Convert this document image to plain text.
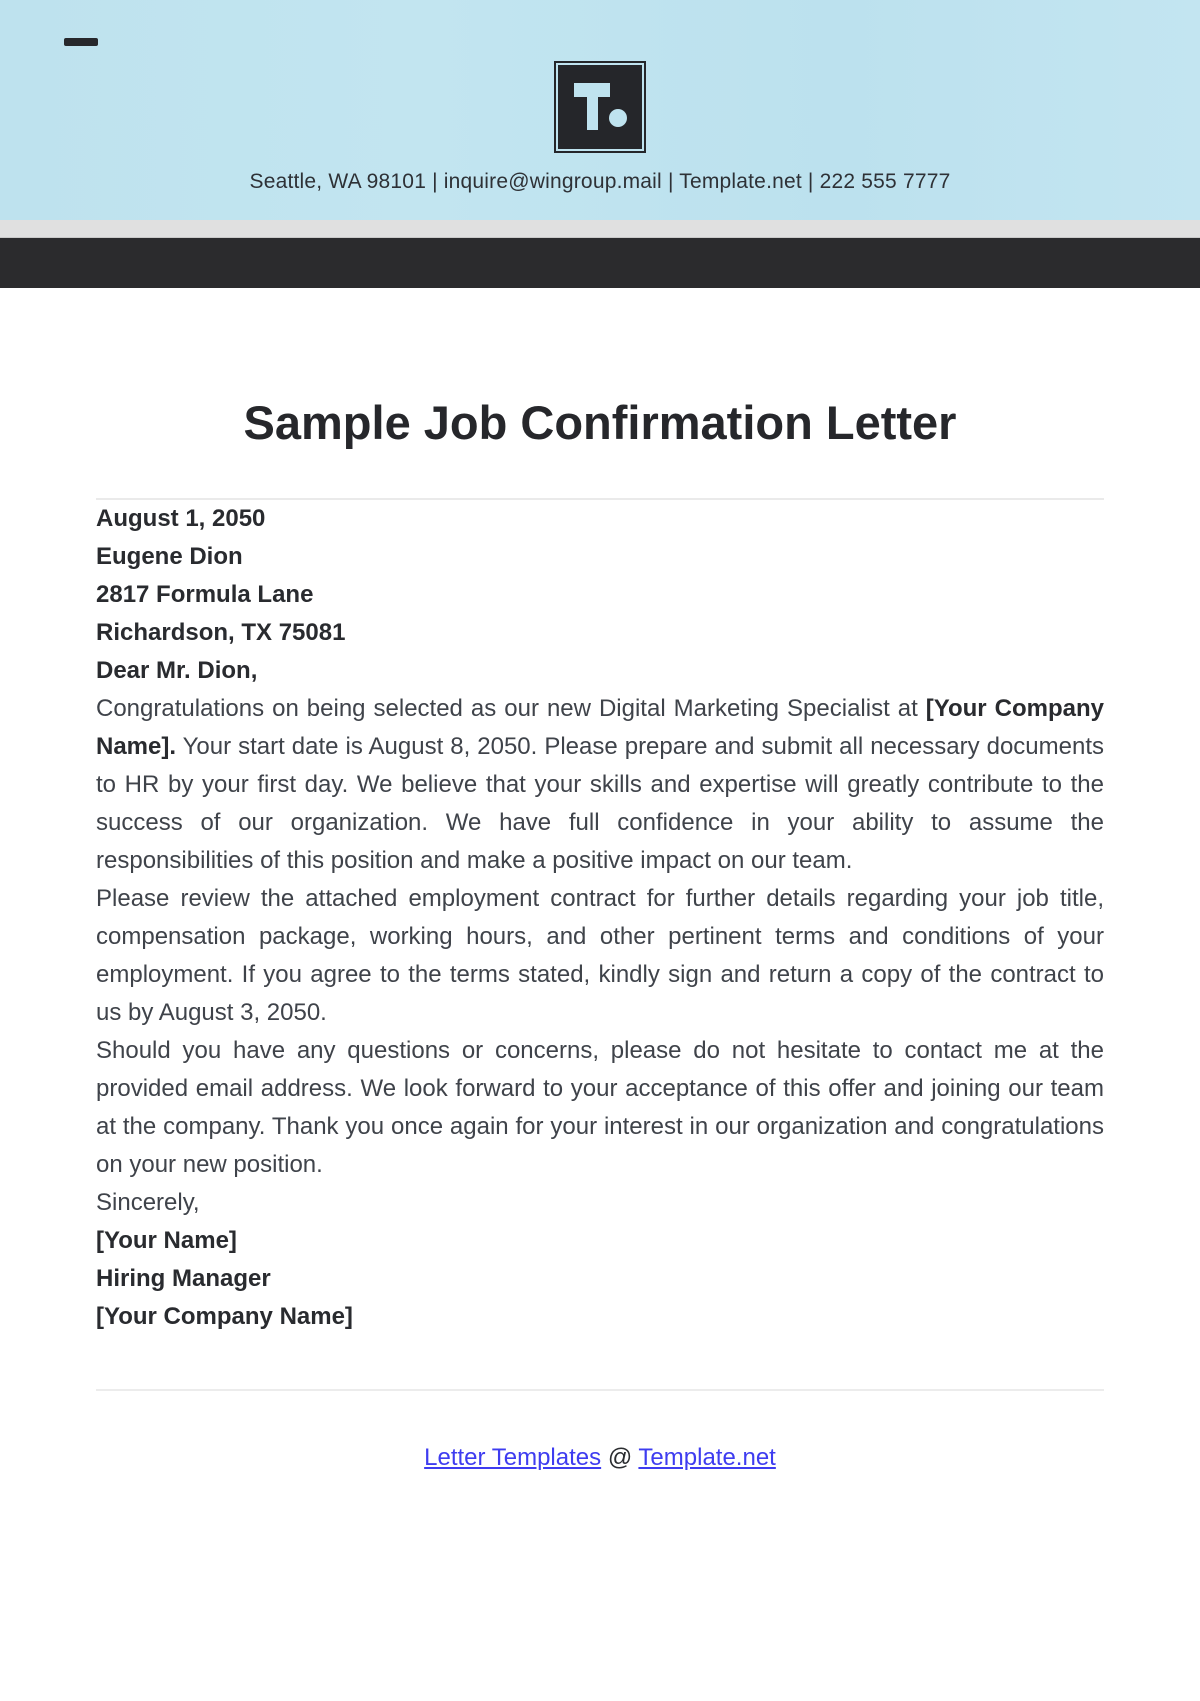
Seattle, WA 98101 | inquire@wingroup.mail | Template.net | 222 555 7777
Sample Job Confirmation Letter

August 1, 2050
Eugene Dion

2817 Formula Lane

Richardson, TX 75081

Dear Mr. Dion,

Congratulations on being selected as our new Digital Marketing Specialist at [Your Company Name]. Your start date is August 8, 2050. Please prepare and submit all necessary documents to HR by your first day. We believe that your skills and expertise will greatly contribute to the success of our organization. We have full confidence in your ability to assume the responsibilities of this position and make a positive impact on our team.

Please review the attached employment contract for further details regarding your job title, compensation package, working hours, and other pertinent terms and conditions of your employment. If you agree to the terms stated, kindly sign and return a copy of the contract to us by August 3, 2050.

Should you have any questions or concerns, please do not hesitate to contact me at the provided email address. We look forward to your acceptance of this offer and joining our team at the company. Thank you once again for your interest in our organization and congratulations on your new position.

Sincerely,

[Your Name]

Hiring Manager

[Your Company Name]

Letter Templates @ Template.net
